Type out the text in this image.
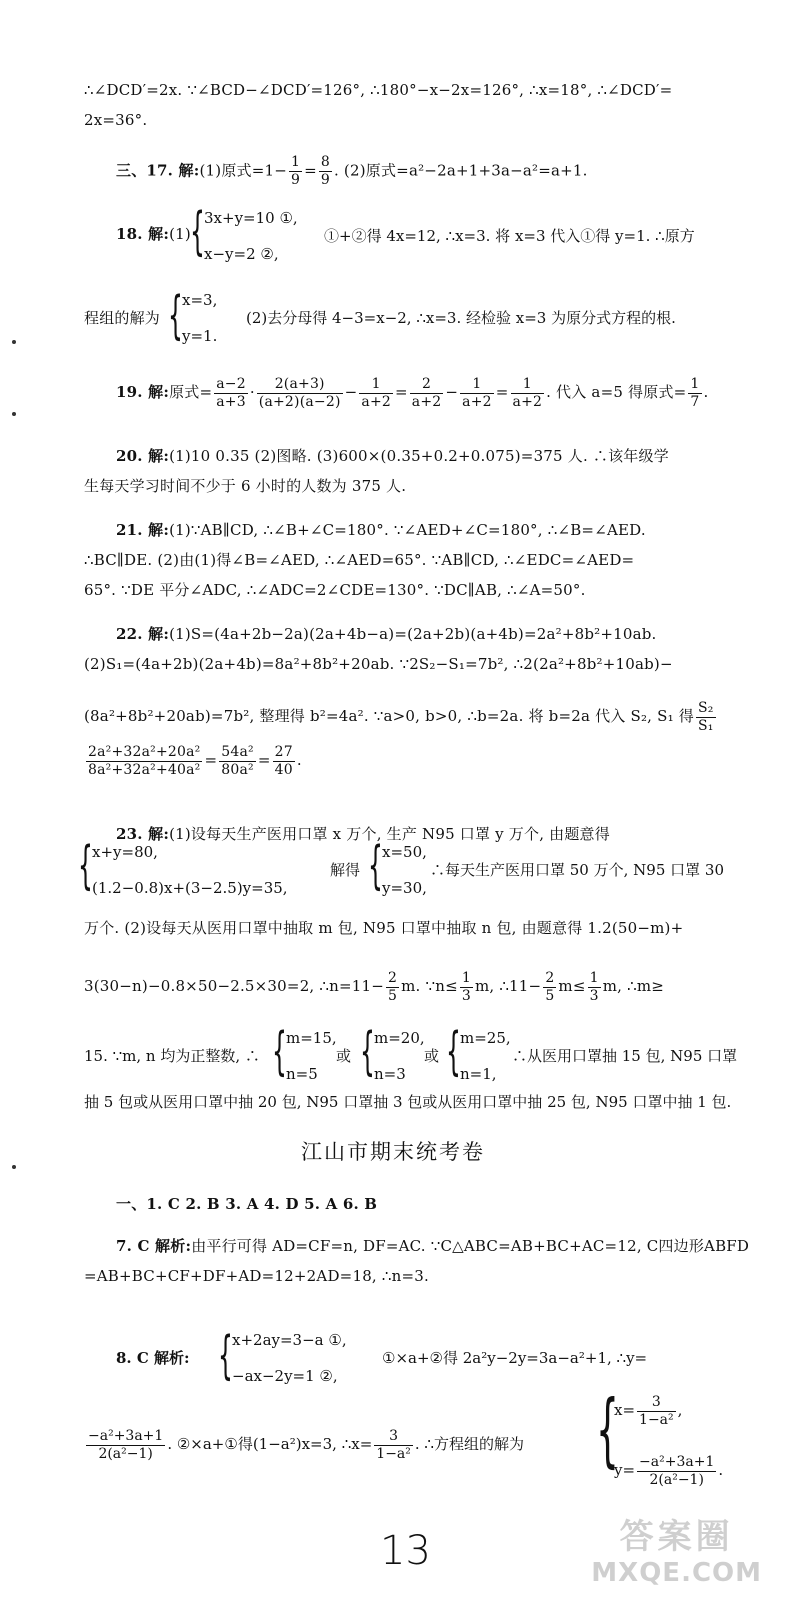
∴∠DCD′=2x. ∵∠BCD−∠DCD′=126°, ∴180°−x−2x=126°, ∴x=18°, ∴∠DCD′=
2x=36°.
三、17. 解:(1)原式$=1- \frac{1}{9} = \frac{8}{9}$ . (2)原式=a²−2a+1+3a−a²=a+1.
18. 解:(1) { 3x+y=10 ①,
x−y=2 ②,
①+②得 4x=12, ∴x=3. 将 x=3 代入①得 y=1. ∴原方
程组的解为 { x=3,
y=1.
(2)去分母得 4−3=x−2, ∴x=3. 经检验 x=3 为原分式方程的根.
19. 解:原式= $\frac{a-2}{a+3} \cdot \frac{2(a+3)}{(a+2)(a-2)} - \frac{1}{a+2} = \frac{2}{a+2} - \frac{1}{a+2} = \frac{1}{a+2}$ . 代入 a=5 得原式= $\frac{1}{7}$ .
20. 解:(1)10 0.35 (2)图略. (3)600×(0.35+0.2+0.075)=375 人. ∴该年级学
生每天学习时间不少于 6 小时的人数为 375 人.
21. 解:(1)∵AB∥CD, ∴∠B+∠C=180°. ∵∠AED+∠C=180°, ∴∠B=∠AED.
∴BC∥DE. (2)由(1)得∠B=∠AED, ∴∠AED=65°. ∵AB∥CD, ∴∠EDC=∠AED=
65°. ∵DE 平分∠ADC, ∴∠ADC=2∠CDE=130°. ∵DC∥AB, ∴∠A=50°.
22. 解:(1)S=(4a+2b−2a)(2a+4b−a)=(2a+2b)(a+4b)=2a²+8b²+10ab.
(2)S₁=(4a+2b)(2a+4b)=8a²+8b²+20ab. ∵2S₂−S₁=7b², ∴2(2a²+8b²+10ab)−
(8a²+8b²+20ab)=7b², 整理得 b²=4a². ∵a>0, b>0, ∴b=2a. 将 b=2a 代入 S₂, S₁ 得 $\frac{\text{S₂}}{\text{S₁}}$
$\frac{\text{2a²+32a²+20a²}}{\text{8a²+32a²+40a²}} = \frac{\text{54a²}}{\text{80a²}} = \frac{27}{40}$ .
23. 解:(1)设每天生产医用口罩 x 万个, 生产 N95 口罩 y 万个, 由题意得
{ x+y=80,
(1.2−0.8)x+(3−2.5)y=35,
解得 { x=50,
y=30,
∴每天生产医用口罩 50 万个, N95 口罩 30
万个. (2)设每天从医用口罩中抽取 m 包, N95 口罩中抽取 n 包, 由题意得 1.2(50−m)+
3(30−n)−0.8×50−2.5×30=2, ∴n=11− $\frac{2}{5} m$. ∵n≤ $\frac{1}{3} m$, ∴11− $\frac{2}{5} m\le \frac{1}{3} m$, ∴m≥
15. ∵m, n 均为正整数, ∴ { m=15,
n=5
或 { m=20,
n=3
或 { m=25,
n=1,
∴从医用口罩抽 15 包, N95 口罩
抽 5 包或从医用口罩中抽 20 包, N95 口罩抽 3 包或从医用口罩中抽 25 包, N95 口罩中抽 1 包.
江山市期末统考卷
一、1. C 2. B 3. A 4. D 5. A 6. B
7. C 解析:由平行可得 AD=CF=n, DF=AC. ∵C△ABC=AB+BC+AC=12, C四边形ABFD
=AB+BC+CF+DF+AD=12+2AD=18, ∴n=3.
8. C 解析: { x+2ay=3−a ①,
−ax−2y=1 ②,
①×a+②得 2a²y−2y=3a−a²+1, ∴y=
$\frac{\text{−a²+3a+1}}{\text{2(a²−1)}}$ . ②×a+①得(1−a²)x=3, ∴x= $\frac{3}{\text{1−a²}}$ . ∴方程组的解为 {
$x= \frac{3}{\text{1−a²}}$ ,
$y= \frac{\text{−a²+3a+1}}{\text{2(a²−1)}}$ .
13	答案圈
MXQE.COM
